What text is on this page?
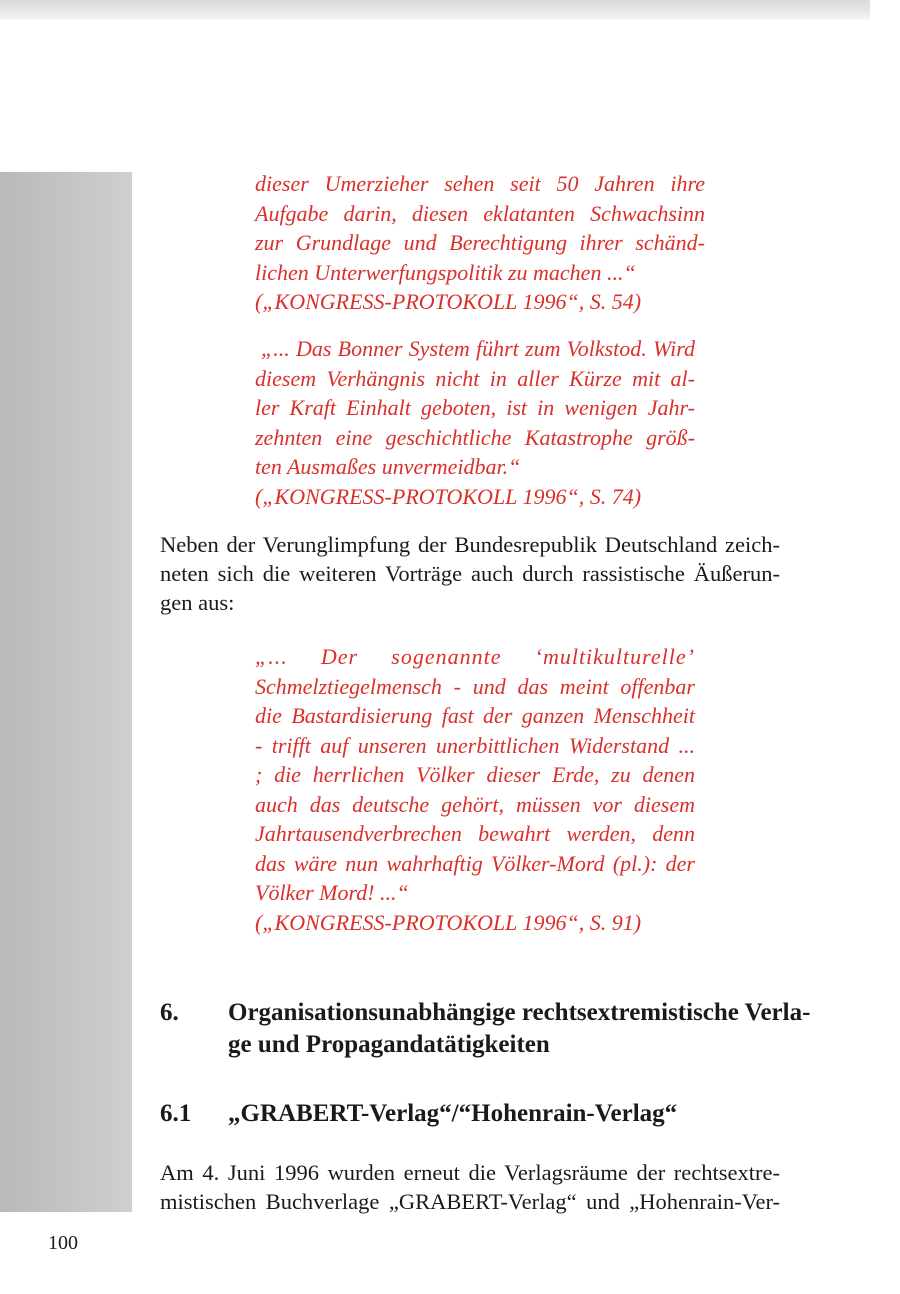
dieser Umerzieher sehen seit 50 Jahren ihre
Aufgabe darin, diesen eklatanten Schwachsinn
zur Grundlage und Berechtigung ihrer schänd-
lichen Unterwerfungspolitik zu machen ...“
(„KONGRESS-PROTOKOLL 1996“, S. 54)
„... Das Bonner System führt zum Volkstod. Wird
diesem Verhängnis nicht in aller Kürze mit al-
ler Kraft Einhalt geboten, ist in wenigen Jahr-
zehnten eine geschichtliche Katastrophe größ-
ten Ausmaßes unvermeidbar.“
(„KONGRESS-PROTOKOLL 1996“, S. 74)
Neben der Verunglimpfung der Bundesrepublik Deutschland zeich-
neten sich die weiteren Vorträge auch durch rassistische Äußerun-
gen aus:
„... Der sogenannte ‘multikulturelle’
Schmelztiegelmensch - und das meint offenbar
die Bastardisierung fast der ganzen Menschheit
- trifft auf unseren unerbittlichen Widerstand ...
; die herrlichen Völker dieser Erde, zu denen
auch das deutsche gehört, müssen vor diesem
Jahrtausendverbrechen bewahrt werden, denn
das wäre nun wahrhaftig Völker-Mord (pl.): der
Völker Mord! ...“
(„KONGRESS-PROTOKOLL 1996“, S. 91)
6. Organisationsunabhängige rechtsextremistische Verla-
ge und Propagandatätigkeiten
6.1 „GRABERT-Verlag“/“Hohenrain-Verlag“
Am 4. Juni 1996 wurden erneut die Verlagsräume der rechtsextre-
mistischen Buchverlage „GRABERT-Verlag“ und „Hohenrain-Ver-
100
